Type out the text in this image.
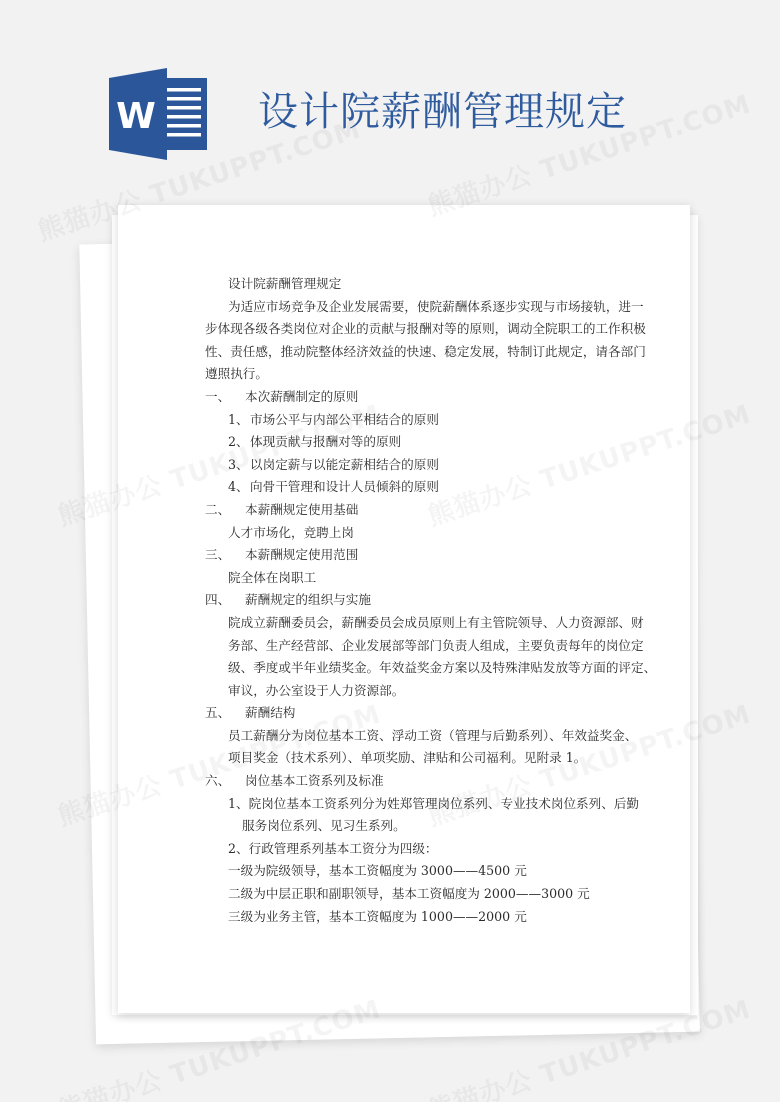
W	设计院薪酬管理规定
设计院薪酬管理规定
为适应市场竞争及企业发展需要，使院薪酬体系逐步实现与市场接轨，进一
步体现各级各类岗位对企业的贡献与报酬对等的原则，调动全院职工的工作积极
性、责任感，推动院整体经济效益的快速、稳定发展，特制订此规定，请各部门
遵照执行。
一、 本次薪酬制定的原则
1、市场公平与内部公平相结合的原则
2、体现贡献与报酬对等的原则
3、以岗定薪与以能定薪相结合的原则
4、向骨干管理和设计人员倾斜的原则
二、 本薪酬规定使用基础
人才市场化，竞聘上岗
三、 本薪酬规定使用范围
院全体在岗职工
四、 薪酬规定的组织与实施
院成立薪酬委员会，薪酬委员会成员原则上有主管院领导、人力资源部、财
务部、生产经营部、企业发展部等部门负责人组成，主要负责每年的岗位定
级、季度或半年业绩奖金。年效益奖金方案以及特殊津贴发放等方面的评定、
审议，办公室设于人力资源部。
五、 薪酬结构
员工薪酬分为岗位基本工资、浮动工资（管理与后勤系列）、年效益奖金、
项目奖金（技术系列）、单项奖励、津贴和公司福利。见附录 1。
六、 岗位基本工资系列及标准
1、院岗位基本工资系列分为姓郑管理岗位系列、专业技术岗位系列、后勤
服务岗位系列、见习生系列。
2、行政管理系列基本工资分为四级：
一级为院级领导，基本工资幅度为 3000——4500 元
二级为中层正职和副职领导，基本工资幅度为 2000——3000 元
三级为业务主管，基本工资幅度为 1000——2000 元
